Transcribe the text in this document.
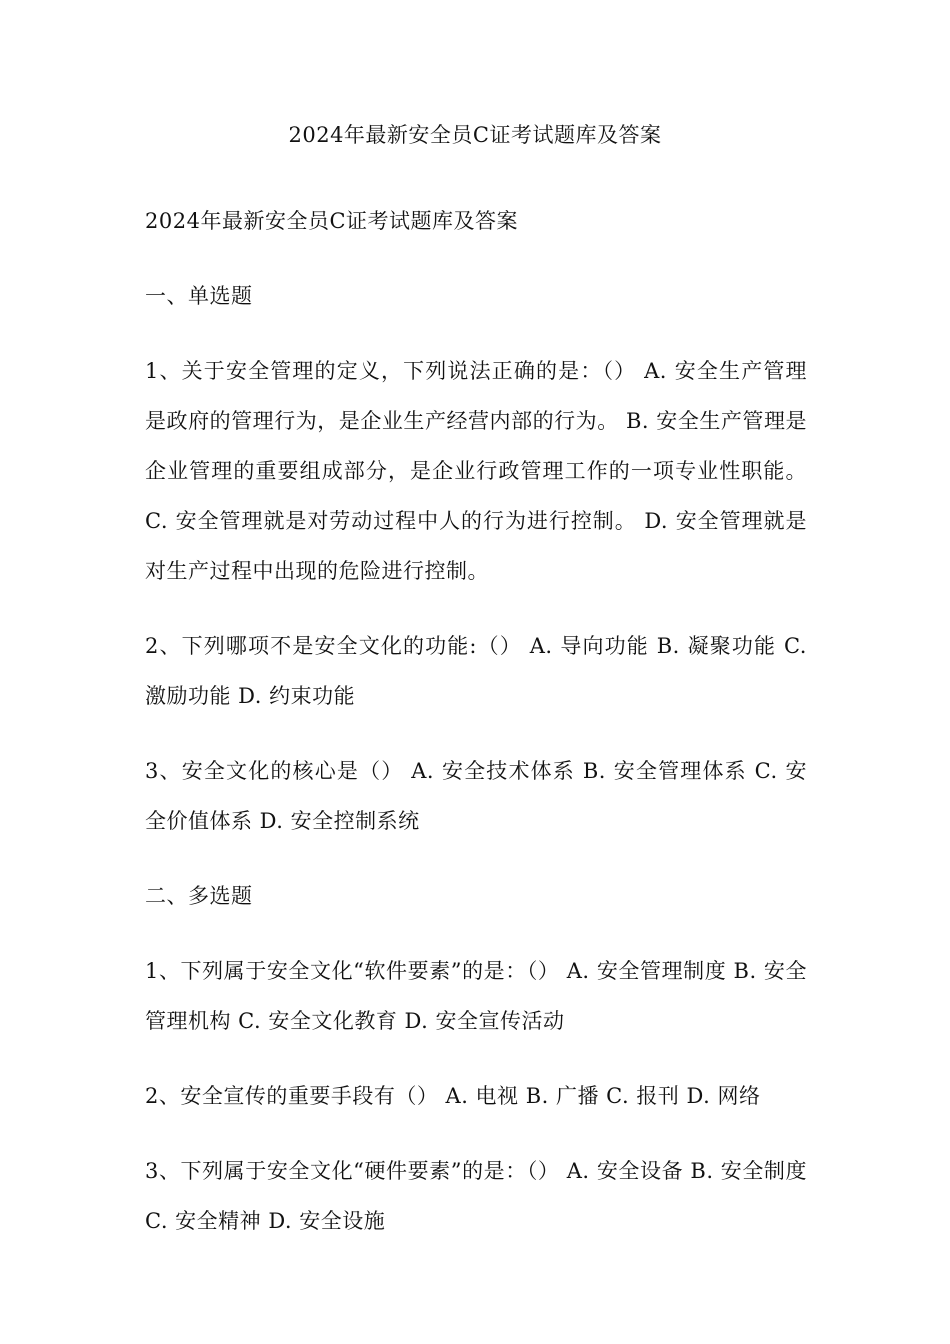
2024年最新安全员C证考试题库及答案

2024年最新安全员C证考试题库及答案

一、单选题

1、关于安全管理的定义，下列说法正确的是：（） A. 安全生产管理是政府的管理行为，是企业生产经营内部的行为。 B. 安全生产管理是企业管理的重要组成部分，是企业行政管理工作的一项专业性职能。 C. 安全管理就是对劳动过程中人的行为进行控制。 D. 安全管理就是对生产过程中出现的危险进行控制。

2、下列哪项不是安全文化的功能:（） A. 导向功能 B. 凝聚功能 C. 激励功能 D. 约束功能

3、安全文化的核心是（） A. 安全技术体系 B. 安全管理体系 C. 安全价值体系 D. 安全控制系统

二、多选题

1、下列属于安全文化“软件要素”的是：（） A. 安全管理制度 B. 安全管理机构 C. 安全文化教育 D. 安全宣传活动

2、安全宣传的重要手段有（） A. 电视 B. 广播 C. 报刊 D. 网络

3、下列属于安全文化“硬件要素”的是：（） A. 安全设备 B. 安全制度 C. 安全精神 D. 安全设施
